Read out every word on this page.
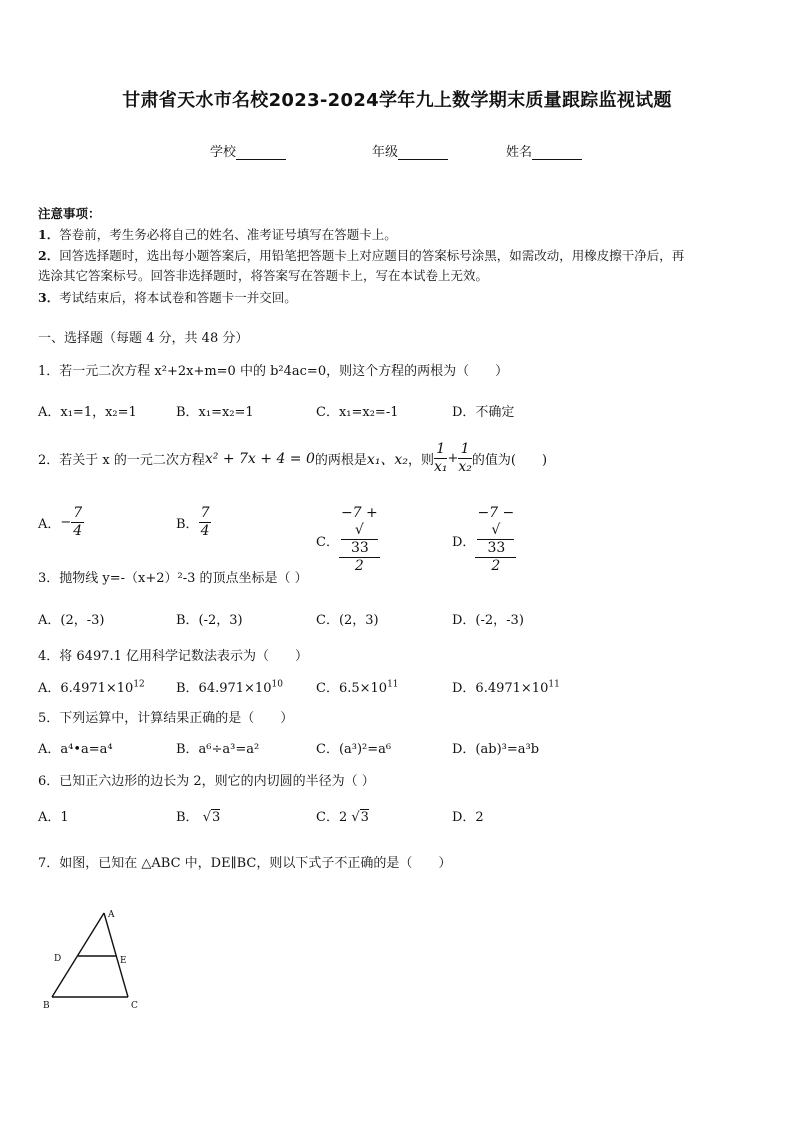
甘肃省天水市名校2023-2024学年九上数学期末质量跟踪监视试题
学校	年级	姓名
注意事项：
1．答卷前，考生务必将自己的姓名、准考证号填写在答题卡上。
2．回答选择题时，选出每小题答案后，用铅笔把答题卡上对应题目的答案标号涂黑，如需改动，用橡皮擦干净后，再
选涂其它答案标号。回答非选择题时，将答案写在答题卡上，写在本试卷上无效。
3．考试结束后，将本试卷和答题卡一并交回。
一、选择题（每题 4 分，共 48 分）
1．若一元二次方程 x²+2x+m=0 中的 b²4ac=0，则这个方程的两根为（　　）
A．x₁=1，x₂=1	B．x₁=x₂=1	C．x₁=x₂=-1	D．不确定
2．若关于 x 的一元二次方程 x² + 7x + 4 = 0 的两根是 x₁、x₂ ，则 $\frac{1}{\text{x₁}} + \frac{1}{\text{x₂}}$ 的值为(　　)
A． − $\frac{7}{4}$	B． $\frac{7}{4}$
C． −7 +
√
33
2	D． −7 −
√
33
2
3．抛物线 y=-（x+2）²-3 的顶点坐标是（ ）
A．(2，-3)	B．(-2，3)	C．(2，3)	D．(-2，-3)
4．将 6497.1 亿用科学记数法表示为（　　）
A．$6.4971\times 10^{12}$ B．$64.971\times 10^{10}$	C．$6.5\times 10^{11}$	D．$6.4971\times 10^{11}$
5．下列运算中，计算结果正确的是（　　）
A．a⁴•a=a⁴	B．a⁶÷a³=a²	C．(a³)²=a⁶	D．(ab)³=a³b
6．已知正六边形的边长为 2，则它的内切圆的半径为（ ）
A．1	B． √3	C．2 √3	D．2
7．如图，已知在 △ABC 中，DE∥BC，则以下式子不正确的是（　　）
A
B	C
D	E
